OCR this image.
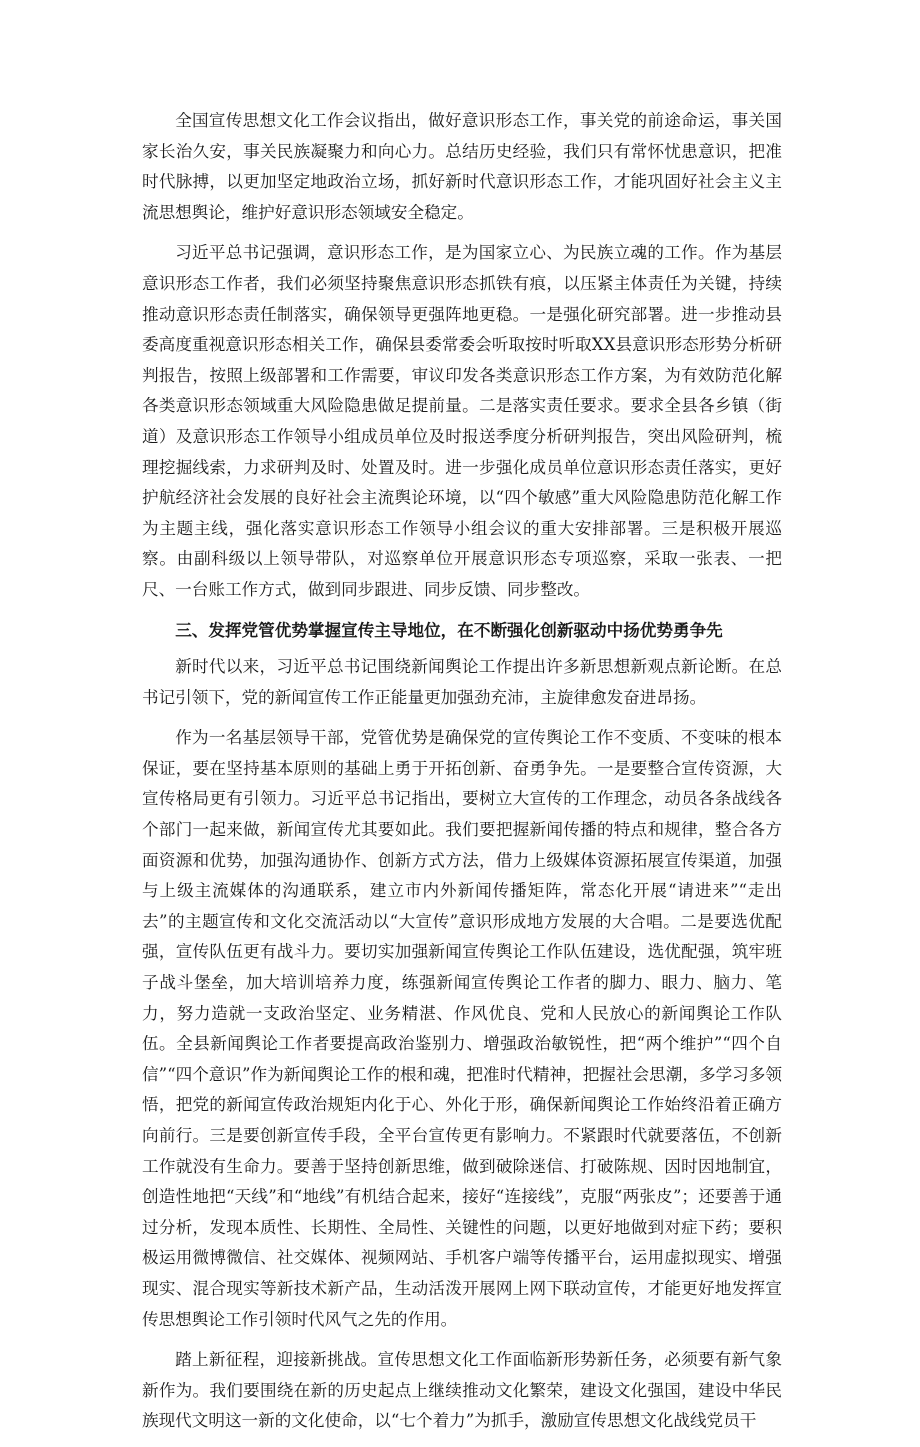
全国宣传思想文化工作会议指出，做好意识形态工作，事关党的前途命运，事关国家长治久安，事关民族凝聚力和向心力。总结历史经验，我们只有常怀忧患意识，把准时代脉搏，以更加坚定地政治立场，抓好新时代意识形态工作，才能巩固好社会主义主流思想舆论，维护好意识形态领域安全稳定。

习近平总书记强调，意识形态工作，是为国家立心、为民族立魂的工作。作为基层意识形态工作者，我们必须坚持聚焦意识形态抓铁有痕，以压紧主体责任为关键，持续推动意识形态责任制落实，确保领导更强阵地更稳。一是强化研究部署。进一步推动县委高度重视意识形态相关工作，确保县委常委会听取按时听取XX县意识形态形势分析研判报告，按照上级部署和工作需要，审议印发各类意识形态工作方案，为有效防范化解各类意识形态领域重大风险隐患做足提前量。二是落实责任要求。要求全县各乡镇（街道）及意识形态工作领导小组成员单位及时报送季度分析研判报告，突出风险研判，梳理挖掘线索，力求研判及时、处置及时。进一步强化成员单位意识形态责任落实，更好护航经济社会发展的良好社会主流舆论环境，以“四个敏感”重大风险隐患防范化解工作为主题主线，强化落实意识形态工作领导小组会议的重大安排部署。三是积极开展巡察。由副科级以上领导带队，对巡察单位开展意识形态专项巡察，采取一张表、一把尺、一台账工作方式，做到同步跟进、同步反馈、同步整改。

三、发挥党管优势掌握宣传主导地位，在不断强化创新驱动中扬优势勇争先

新时代以来，习近平总书记围绕新闻舆论工作提出许多新思想新观点新论断。在总书记引领下，党的新闻宣传工作正能量更加强劲充沛，主旋律愈发奋进昂扬。

作为一名基层领导干部，党管优势是确保党的宣传舆论工作不变质、不变味的根本保证，要在坚持基本原则的基础上勇于开拓创新、奋勇争先。一是要整合宣传资源，大宣传格局更有引领力。习近平总书记指出，要树立大宣传的工作理念，动员各条战线各个部门一起来做，新闻宣传尤其要如此。我们要把握新闻传播的特点和规律，整合各方面资源和优势，加强沟通协作、创新方式方法，借力上级媒体资源拓展宣传渠道，加强与上级主流媒体的沟通联系，建立市内外新闻传播矩阵，常态化开展“请进来”“走出去”的主题宣传和文化交流活动以“大宣传”意识形成地方发展的大合唱。二是要选优配强，宣传队伍更有战斗力。要切实加强新闻宣传舆论工作队伍建设，选优配强，筑牢班子战斗堡垒，加大培训培养力度，练强新闻宣传舆论工作者的脚力、眼力、脑力、笔力，努力造就一支政治坚定、业务精湛、作风优良、党和人民放心的新闻舆论工作队伍。全县新闻舆论工作者要提高政治鉴别力、增强政治敏锐性，把“两个维护”“四个自信”“四个意识”作为新闻舆论工作的根和魂，把准时代精神，把握社会思潮，多学习多领悟，把党的新闻宣传政治规矩内化于心、外化于形，确保新闻舆论工作始终沿着正确方向前行。三是要创新宣传手段，全平台宣传更有影响力。不紧跟时代就要落伍，不创新工作就没有生命力。要善于坚持创新思维，做到破除迷信、打破陈规、因时因地制宜，创造性地把“天线”和“地线”有机结合起来，接好“连接线”，克服“两张皮”；还要善于通过分析，发现本质性、长期性、全局性、关键性的问题，以更好地做到对症下药；要积极运用微博微信、社交媒体、视频网站、手机客户端等传播平台，运用虚拟现实、增强现实、混合现实等新技术新产品，生动活泼开展网上网下联动宣传，才能更好地发挥宣传思想舆论工作引领时代风气之先的作用。

踏上新征程，迎接新挑战。宣传思想文化工作面临新形势新任务，必须要有新气象新作为。我们要围绕在新的历史起点上继续推动文化繁荣，建设文化强国，建设中华民族现代文明这一新的文化使命，以“七个着力”为抓手，激励宣传思想文化战线党员干
